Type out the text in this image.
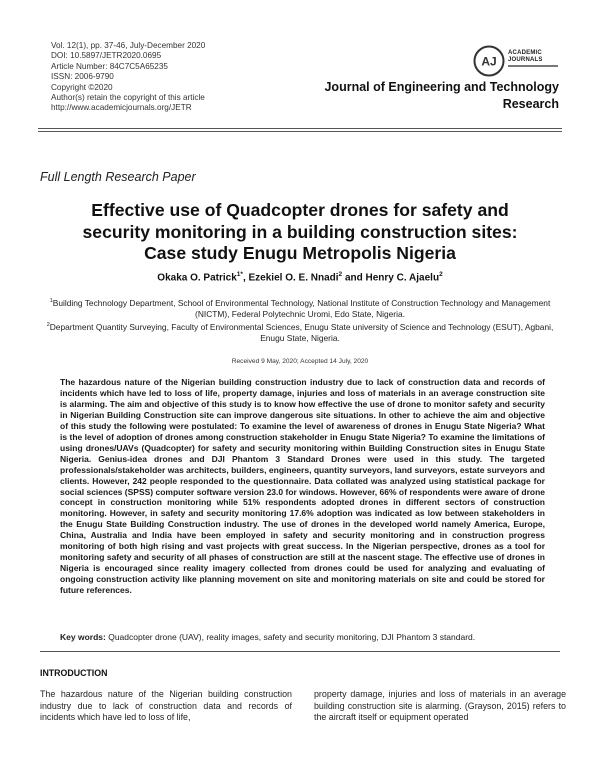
Vol. 12(1), pp. 37-46, July-December 2020
DOI: 10.5897/JETR2020.0695
Article Number: 84C7C5A65235
ISSN: 2006-9790
Copyright ©2020
Author(s) retain the copyright of this article
http://www.academicjournals.org/JETR
AJ
ACADEMIC
JOURNALS
Journal of Engineering and Technology
Research
Full Length Research Paper
Effective use of Quadcopter drones for safety and
security monitoring in a building construction sites:
Case study Enugu Metropolis Nigeria
Okaka O. Patrick$^{1*}$, Ezekiel O. E. Nnadi$^2$ and Henry C. Ajaelu$^2$
$^1$Building Technology Department, School of Environmental Technology, National Institute of Construction Technology and Management (NICTM), Federal Polytechnic Uromi, Edo State, Nigeria.
$^2$Department Quantity Surveying, Faculty of Environmental Sciences, Enugu State university of Science and Technology (ESUT), Agbani, Enugu State, Nigeria.
Received 9 May, 2020; Accepted 14 July, 2020
The hazardous nature of the Nigerian building construction industry due to lack of construction data and records of incidents which have led to loss of life, property damage, injuries and loss of materials in an average construction site is alarming. The aim and objective of this study is to know how effective the use of drone to monitor safety and security in Nigerian Building Construction site can improve dangerous site situations. In other to achieve the aim and objective of this study the following were postulated: To examine the level of awareness of drones in Enugu State Nigeria? What is the level of adoption of drones among construction stakeholder in Enugu State Nigeria? To examine the limitations of using drones/UAVs (Quadcopter) for safety and security monitoring within Building Construction sites in Enugu State Nigeria. Genius-idea drones and DJI Phantom 3 Standard Drones were used in this study. The targeted professionals/stakeholder was architects, builders, engineers, quantity surveyors, land surveyors, estate surveyors and clients. However, 242 people responded to the questionnaire. Data collated was analyzed using statistical package for social sciences (SPSS) computer software version 23.0 for windows. However, 66% of respondents were aware of drone concept in construction monitoring while 51% respondents adopted drones in different sectors of construction monitoring. However, in safety and security monitoring 17.6% adoption was indicated as low between stakeholders in the Enugu State Building Construction industry. The use of drones in the developed world namely America, Europe, China, Australia and India have been employed in safety and security monitoring and in construction progress monitoring of both high rising and vast projects with great success. In the Nigerian perspective, drones as a tool for monitoring safety and security of all phases of construction are still at the nascent stage. The effective use of drones in Nigeria is encouraged since reality imagery collected from drones could be used for analyzing and evaluating of ongoing construction activity like planning movement on site and monitoring materials on site and could be stored for future references.
Key words: Quadcopter drone (UAV), reality images, safety and security monitoring, DJI Phantom 3 standard.
INTRODUCTION
The hazardous nature of the Nigerian building construction industry due to lack of construction data and records of incidents which have led to loss of life,
property damage, injuries and loss of materials in an average building construction site is alarming. (Grayson, 2015) refers to the aircraft itself or equipment operated
